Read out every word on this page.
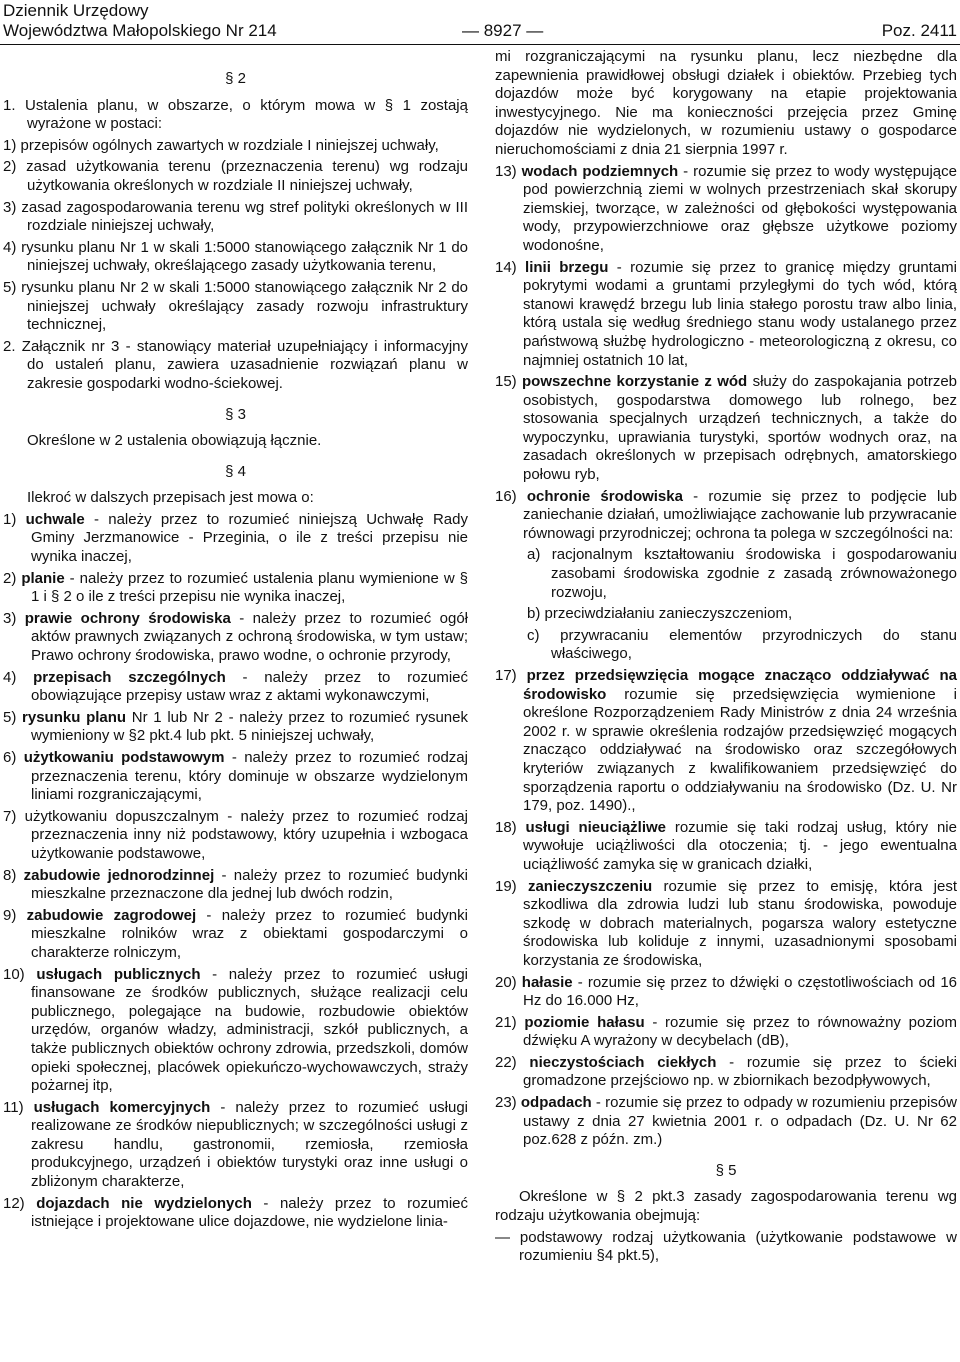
Dziennik Urzędowy
Województwa Małopolskiego Nr 214	— 8927 —	Poz. 2411
§ 2
1. Ustalenia planu, w obszarze, o którym mowa w § 1 zostają wyrażone w postaci:
1) przepisów ogólnych zawartych w rozdziale I niniejszej uchwały,
2) zasad użytkowania terenu (przeznaczenia terenu) wg rodzaju użytkowania określonych w rozdziale II niniejszej uchwały,
3) zasad zagospodarowania terenu wg stref polityki określonych w III rozdziale niniejszej uchwały,
4) rysunku planu Nr 1 w skali 1:5000 stanowiącego załącznik Nr 1 do niniejszej uchwały, określającego zasady użytkowania terenu,
5) rysunku planu Nr 2 w skali 1:5000 stanowiącego załącznik Nr 2 do niniejszej uchwały określający zasady rozwoju infrastruktury technicznej,
2. Załącznik nr 3 - stanowiący materiał uzupełniający i informacyjny do ustaleń planu, zawiera uzasadnienie rozwiązań planu w zakresie gospodarki wodno-ściekowej.
§ 3
Określone w 2 ustalenia obowiązują łącznie.
§ 4
Ilekroć w dalszych przepisach jest mowa o:
1) uchwale - należy przez to rozumieć niniejszą Uchwałę Rady Gminy Jerzmanowice - Przeginia, o ile z treści przepisu nie wynika inaczej,
2) planie - należy przez to rozumieć ustalenia planu wymienione w § 1 i § 2 o ile z treści przepisu nie wynika inaczej,
3) prawie ochrony środowiska - należy przez to rozumieć ogół aktów prawnych związanych z ochroną środowiska, w tym ustaw; Prawo ochrony środowiska, prawo wodne, o ochronie przyrody,
4) przepisach szczególnych - należy przez to rozumieć obowiązujące przepisy ustaw wraz z aktami wykonawczymi,
5) rysunku planu Nr 1 lub Nr 2 - należy przez to rozumieć rysunek wymieniony w §2 pkt.4 lub pkt. 5 niniejszej uchwały,
6) użytkowaniu podstawowym - należy przez to rozumieć rodzaj przeznaczenia terenu, który dominuje w obszarze wydzielonym liniami rozgraniczającymi,
7) użytkowaniu dopuszczalnym - należy przez to rozumieć rodzaj przeznaczenia inny niż podstawowy, który uzupełnia i wzbogaca użytkowanie podstawowe,
8) zabudowie jednorodzinnej - należy przez to rozumieć budynki mieszkalne przeznaczone dla jednej lub dwóch rodzin,
9) zabudowie zagrodowej - należy przez to rozumieć budynki mieszkalne rolników wraz z obiektami gospodarczymi o charakterze rolniczym,
10) usługach publicznych - należy przez to rozumieć usługi finansowane ze środków publicznych, służące realizacji celu publicznego, polegające na budowie, rozbudowie obiektów urzędów, organów władzy, administracji, szkół publicznych, a także publicznych obiektów ochrony zdrowia, przedszkoli, domów opieki społecznej, placówek opiekuńczo-wychowawczych, straży pożarnej itp,
11) usługach komercyjnych - należy przez to rozumieć usługi realizowane ze środków niepublicznych; w szczególności usługi z zakresu handlu, gastronomii, rzemiosła, rzemiosła produkcyjnego, urządzeń i obiektów turystyki oraz inne usługi o zbliżonym charakterze,
12) dojazdach nie wydzielonych - należy przez to rozumieć istniejące i projektowane ulice dojazdowe, nie wydzielone linia-
mi rozgraniczającymi na rysunku planu, lecz niezbędne dla zapewnienia prawidłowej obsługi działek i obiektów. Przebieg tych dojazdów może być korygowany na etapie projektowania inwestycyjnego. Nie ma konieczności przejęcia przez Gminę dojazdów nie wydzielonych, w rozumieniu ustawy o gospodarce nieruchomościami z dnia 21 sierpnia 1997 r.
13) wodach podziemnych - rozumie się przez to wody występujące pod powierzchnią ziemi w wolnych przestrzeniach skał skorupy ziemskiej, tworzące, w zależności od głębokości występowania wody, przypowierzchniowe oraz głębsze użytkowe poziomy wodonośne,
14) linii brzegu - rozumie się przez to granicę między gruntami pokrytymi wodami a gruntami przyległymi do tych wód, którą stanowi krawędź brzegu lub linia stałego porostu traw albo linia, którą ustala się według średniego stanu wody ustalanego przez państwową służbę hydrologiczno - meteorologiczną z okresu, co najmniej ostatnich 10 lat,
15) powszechne korzystanie z wód służy do zaspokajania potrzeb osobistych, gospodarstwa domowego lub rolnego, bez stosowania specjalnych urządzeń technicznych, a także do wypoczynku, uprawiania turystyki, sportów wodnych oraz, na zasadach określonych w przepisach odrębnych, amatorskiego połowu ryb,
16) ochronie środowiska - rozumie się przez to podjęcie lub zaniechanie działań, umożliwiające zachowanie lub przywracanie równowagi przyrodniczej; ochrona ta polega w szczególności na:
a) racjonalnym kształtowaniu środowiska i gospodarowaniu zasobami środowiska zgodnie z zasadą zrównoważonego rozwoju,
b) przeciwdziałaniu zanieczyszczeniom,
c) przywracaniu elementów przyrodniczych do stanu właściwego,
17) przez przedsięwzięcia mogące znacząco oddziaływać na środowisko rozumie się przedsięwzięcia wymienione i określone Rozporządzeniem Rady Ministrów z dnia 24 września 2002 r. w sprawie określenia rodzajów przedsięwzięć mogących znacząco oddziaływać na środowisko oraz szczegółowych kryteriów związanych z kwalifikowaniem przedsięwzięć do sporządzenia raportu o oddziaływaniu na środowisko (Dz. U. Nr 179, poz. 1490).,
18) usługi nieuciążliwe rozumie się taki rodzaj usług, który nie wywołuje uciążliwości dla otoczenia; tj. - jego ewentualna uciążliwość zamyka się w granicach działki,
19) zanieczyszczeniu rozumie się przez to emisję, która jest szkodliwa dla zdrowia ludzi lub stanu środowiska, powoduje szkodę w dobrach materialnych, pogarsza walory estetyczne środowiska lub koliduje z innymi, uzasadnionymi sposobami korzystania ze środowiska,
20) hałasie - rozumie się przez to dźwięki o częstotliwościach od 16 Hz do 16.000 Hz,
21) poziomie hałasu - rozumie się przez to równoważny poziom dźwięku A wyrażony w decybelach (dB),
22) nieczystościach ciekłych - rozumie się przez to ścieki gromadzone przejściowo np. w zbiornikach bezodpływowych,
23) odpadach - rozumie się przez to odpady w rozumieniu przepisów ustawy z dnia 27 kwietnia 2001 r. o odpadach (Dz. U. Nr 62 poz.628 z późn. zm.)
§ 5
Określone w § 2 pkt.3 zasady zagospodarowania terenu wg rodzaju użytkowania obejmują:
— podstawowy rodzaj użytkowania (użytkowanie podstawowe w rozumieniu §4 pkt.5),
